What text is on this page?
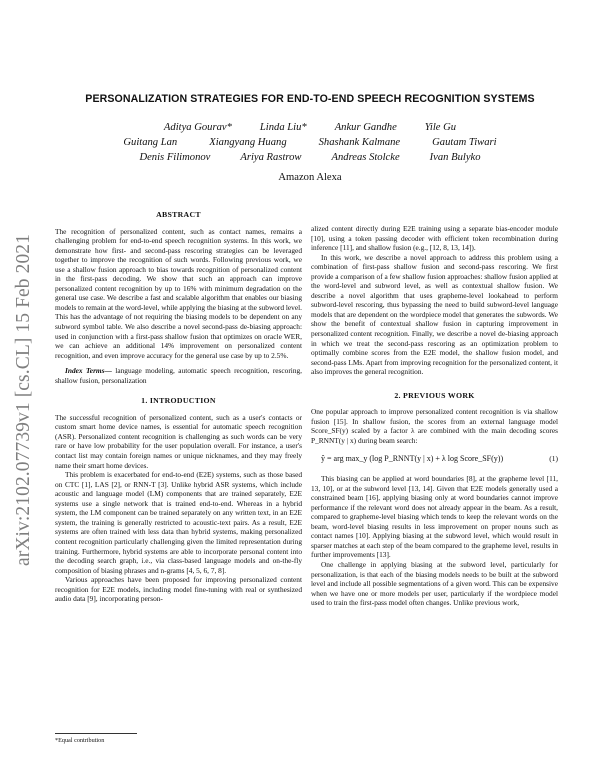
arXiv:2102.07739v1 [cs.CL] 15 Feb 2021
PERSONALIZATION STRATEGIES FOR END-TO-END SPEECH RECOGNITION SYSTEMS
Aditya Gourav*	Linda Liu*	Ankur Gandhe	Yile Gu
Guitang Lan	Xiangyang Huang	Shashank Kalmane	Gautam Tiwari
Denis Filimonov	Ariya Rastrow	Andreas Stolcke	Ivan Bulyko
Amazon Alexa
ABSTRACT

The recognition of personalized content, such as contact names, remains a challenging problem for end-to-end speech recognition systems. In this work, we demonstrate how first- and second-pass rescoring strategies can be leveraged together to improve the recognition of such words. Following previous work, we use a shallow fusion approach to bias towards recognition of personalized content in the first-pass decoding. We show that such an approach can improve personalized content recognition by up to 16% with minimum degradation on the general use case. We describe a fast and scalable algorithm that enables our biasing models to remain at the word-level, while applying the biasing at the subword level. This has the advantage of not requiring the biasing models to be dependent on any subword symbol table. We also describe a novel second-pass de-biasing approach: used in conjunction with a first-pass shallow fusion that optimizes on oracle WER, we can achieve an additional 14% improvement on personalized content recognition, and even improve accuracy for the general use case by up to 2.5%.

Index Terms— language modeling, automatic speech recognition, rescoring, shallow fusion, personalization

1. INTRODUCTION

The successful recognition of personalized content, such as a user's contacts or custom smart home device names, is essential for automatic speech recognition (ASR). Personalized content recognition is challenging as such words can be very rare or have low probability for the user population overall. For instance, a user's contact list may contain foreign names or unique nicknames, and they may freely name their smart home devices.

This problem is exacerbated for end-to-end (E2E) systems, such as those based on CTC [1], LAS [2], or RNN-T [3]. Unlike hybrid ASR systems, which include acoustic and language model (LM) components that are trained separately, E2E systems use a single network that is trained end-to-end. Whereas in a hybrid system, the LM component can be trained separately on any written text, in an E2E system, the training is generally restricted to acoustic-text pairs. As a result, E2E systems are often trained with less data than hybrid systems, making personalized content recognition particularly challenging given the limited representation during training. Furthermore, hybrid systems are able to incorporate personal content into the decoding search graph, i.e., via class-based language models and on-the-fly composition of biasing phrases and n-grams [4, 5, 6, 7, 8].

Various approaches have been proposed for improving personalized content recognition for E2E models, including model fine-tuning with real or synthesized audio data [9], incorporating person-

*Equal contribution

alized content directly during E2E training using a separate bias-encoder module [10], using a token passing decoder with efficient token recombination during inference [11], and shallow fusion (e.g., [12, 8, 13, 14]).

In this work, we describe a novel approach to address this problem using a combination of first-pass shallow fusion and second-pass rescoring. We first provide a comparison of a few shallow fusion approaches: shallow fusion applied at the word-level and subword level, as well as contextual shallow fusion. We describe a novel algorithm that uses grapheme-level lookahead to perform subword-level rescoring, thus bypassing the need to build subword-level language models that are dependent on the wordpiece model that generates the subwords. We show the benefit of contextual shallow fusion in capturing improvement in personalized content recognition. Finally, we describe a novel de-biasing approach in which we treat the second-pass rescoring as an optimization problem to optimally combine scores from the E2E model, the shallow fusion model, and second-pass LMs. Apart from improving recognition for the personalized content, it also improves the general recognition.

2. PREVIOUS WORK

One popular approach to improve personalized content recognition is via shallow fusion [15]. In shallow fusion, the scores from an external language model Score_SF(y) scaled by a factor λ are combined with the main decoding scores P_RNNT(y | x) during beam search:

ŷ = arg max_y (log P_RNNT(y | x) + λ log Score_SF(y))	(1)

This biasing can be applied at word boundaries [8], at the grapheme level [11, 13, 10], or at the subword level [13, 14]. Given that E2E models generally used a constrained beam [16], applying biasing only at word boundaries cannot improve performance if the relevant word does not already appear in the beam. As a result, compared to grapheme-level biasing which tends to keep the relevant words on the beam, word-level biasing results in less improvement on proper nouns such as contact names [10]. Applying biasing at the subword level, which would result in sparser matches at each step of the beam compared to the grapheme level, results in further improvements [13].

One challenge in applying biasing at the subword level, particularly for personalization, is that each of the biasing models needs to be built at the subword level and include all possible segmentations of a given word. This can be expensive when we have one or more models per user, particularly if the wordpiece model used to train the first-pass model often changes. Unlike previous work,
